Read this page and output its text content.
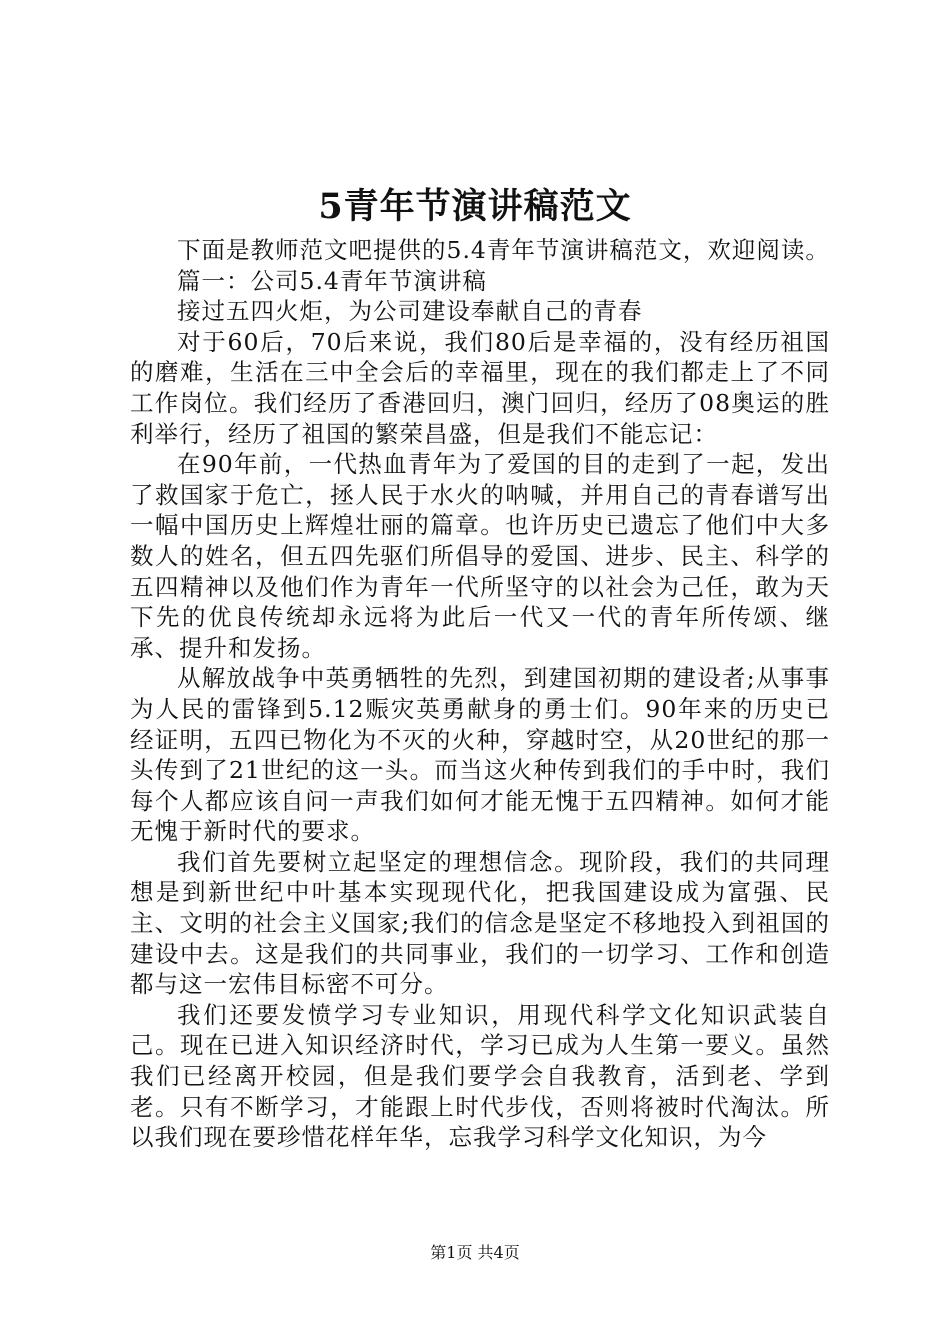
5青年节演讲稿范文

下面是教师范文吧提供的5.4青年节演讲稿范文，欢迎阅读。

篇一：公司5.4青年节演讲稿

接过五四火炬，为公司建设奉献自己的青春

对于60后，70后来说，我们80后是幸福的，没有经历祖国的磨难，生活在三中全会后的幸福里，现在的我们都走上了不同工作岗位。我们经历了香港回归，澳门回归，经历了08奥运的胜利举行，经历了祖国的繁荣昌盛，但是我们不能忘记：

在90年前，一代热血青年为了爱国的目的走到了一起，发出了救国家于危亡，拯人民于水火的呐喊，并用自己的青春谱写出一幅中国历史上辉煌壮丽的篇章。也许历史已遗忘了他们中大多数人的姓名，但五四先驱们所倡导的爱国、进步、民主、科学的五四精神以及他们作为青年一代所坚守的以社会为己任，敢为天下先的优良传统却永远将为此后一代又一代的青年所传颂、继承、提升和发扬。

从解放战争中英勇牺牲的先烈，到建国初期的建设者;从事事为人民的雷锋到5.12赈灾英勇献身的勇士们。90年来的历史已经证明，五四已物化为不灭的火种，穿越时空，从20世纪的那一头传到了21世纪的这一头。而当这火种传到我们的手中时，我们每个人都应该自问一声我们如何才能无愧于五四精神。如何才能无愧于新时代的要求。

我们首先要树立起坚定的理想信念。现阶段，我们的共同理想是到新世纪中叶基本实现现代化，把我国建设成为富强、民主、文明的社会主义国家;我们的信念是坚定不移地投入到祖国的建设中去。这是我们的共同事业，我们的一切学习、工作和创造都与这一宏伟目标密不可分。

我们还要发愤学习专业知识，用现代科学文化知识武装自己。现在已进入知识经济时代，学习已成为人生第一要义。虽然我们已经离开校园，但是我们要学会自我教育，活到老、学到老。只有不断学习，才能跟上时代步伐，否则将被时代淘汰。所以我们现在要珍惜花样年华，忘我学习科学文化知识，为今

第1页 共4页
